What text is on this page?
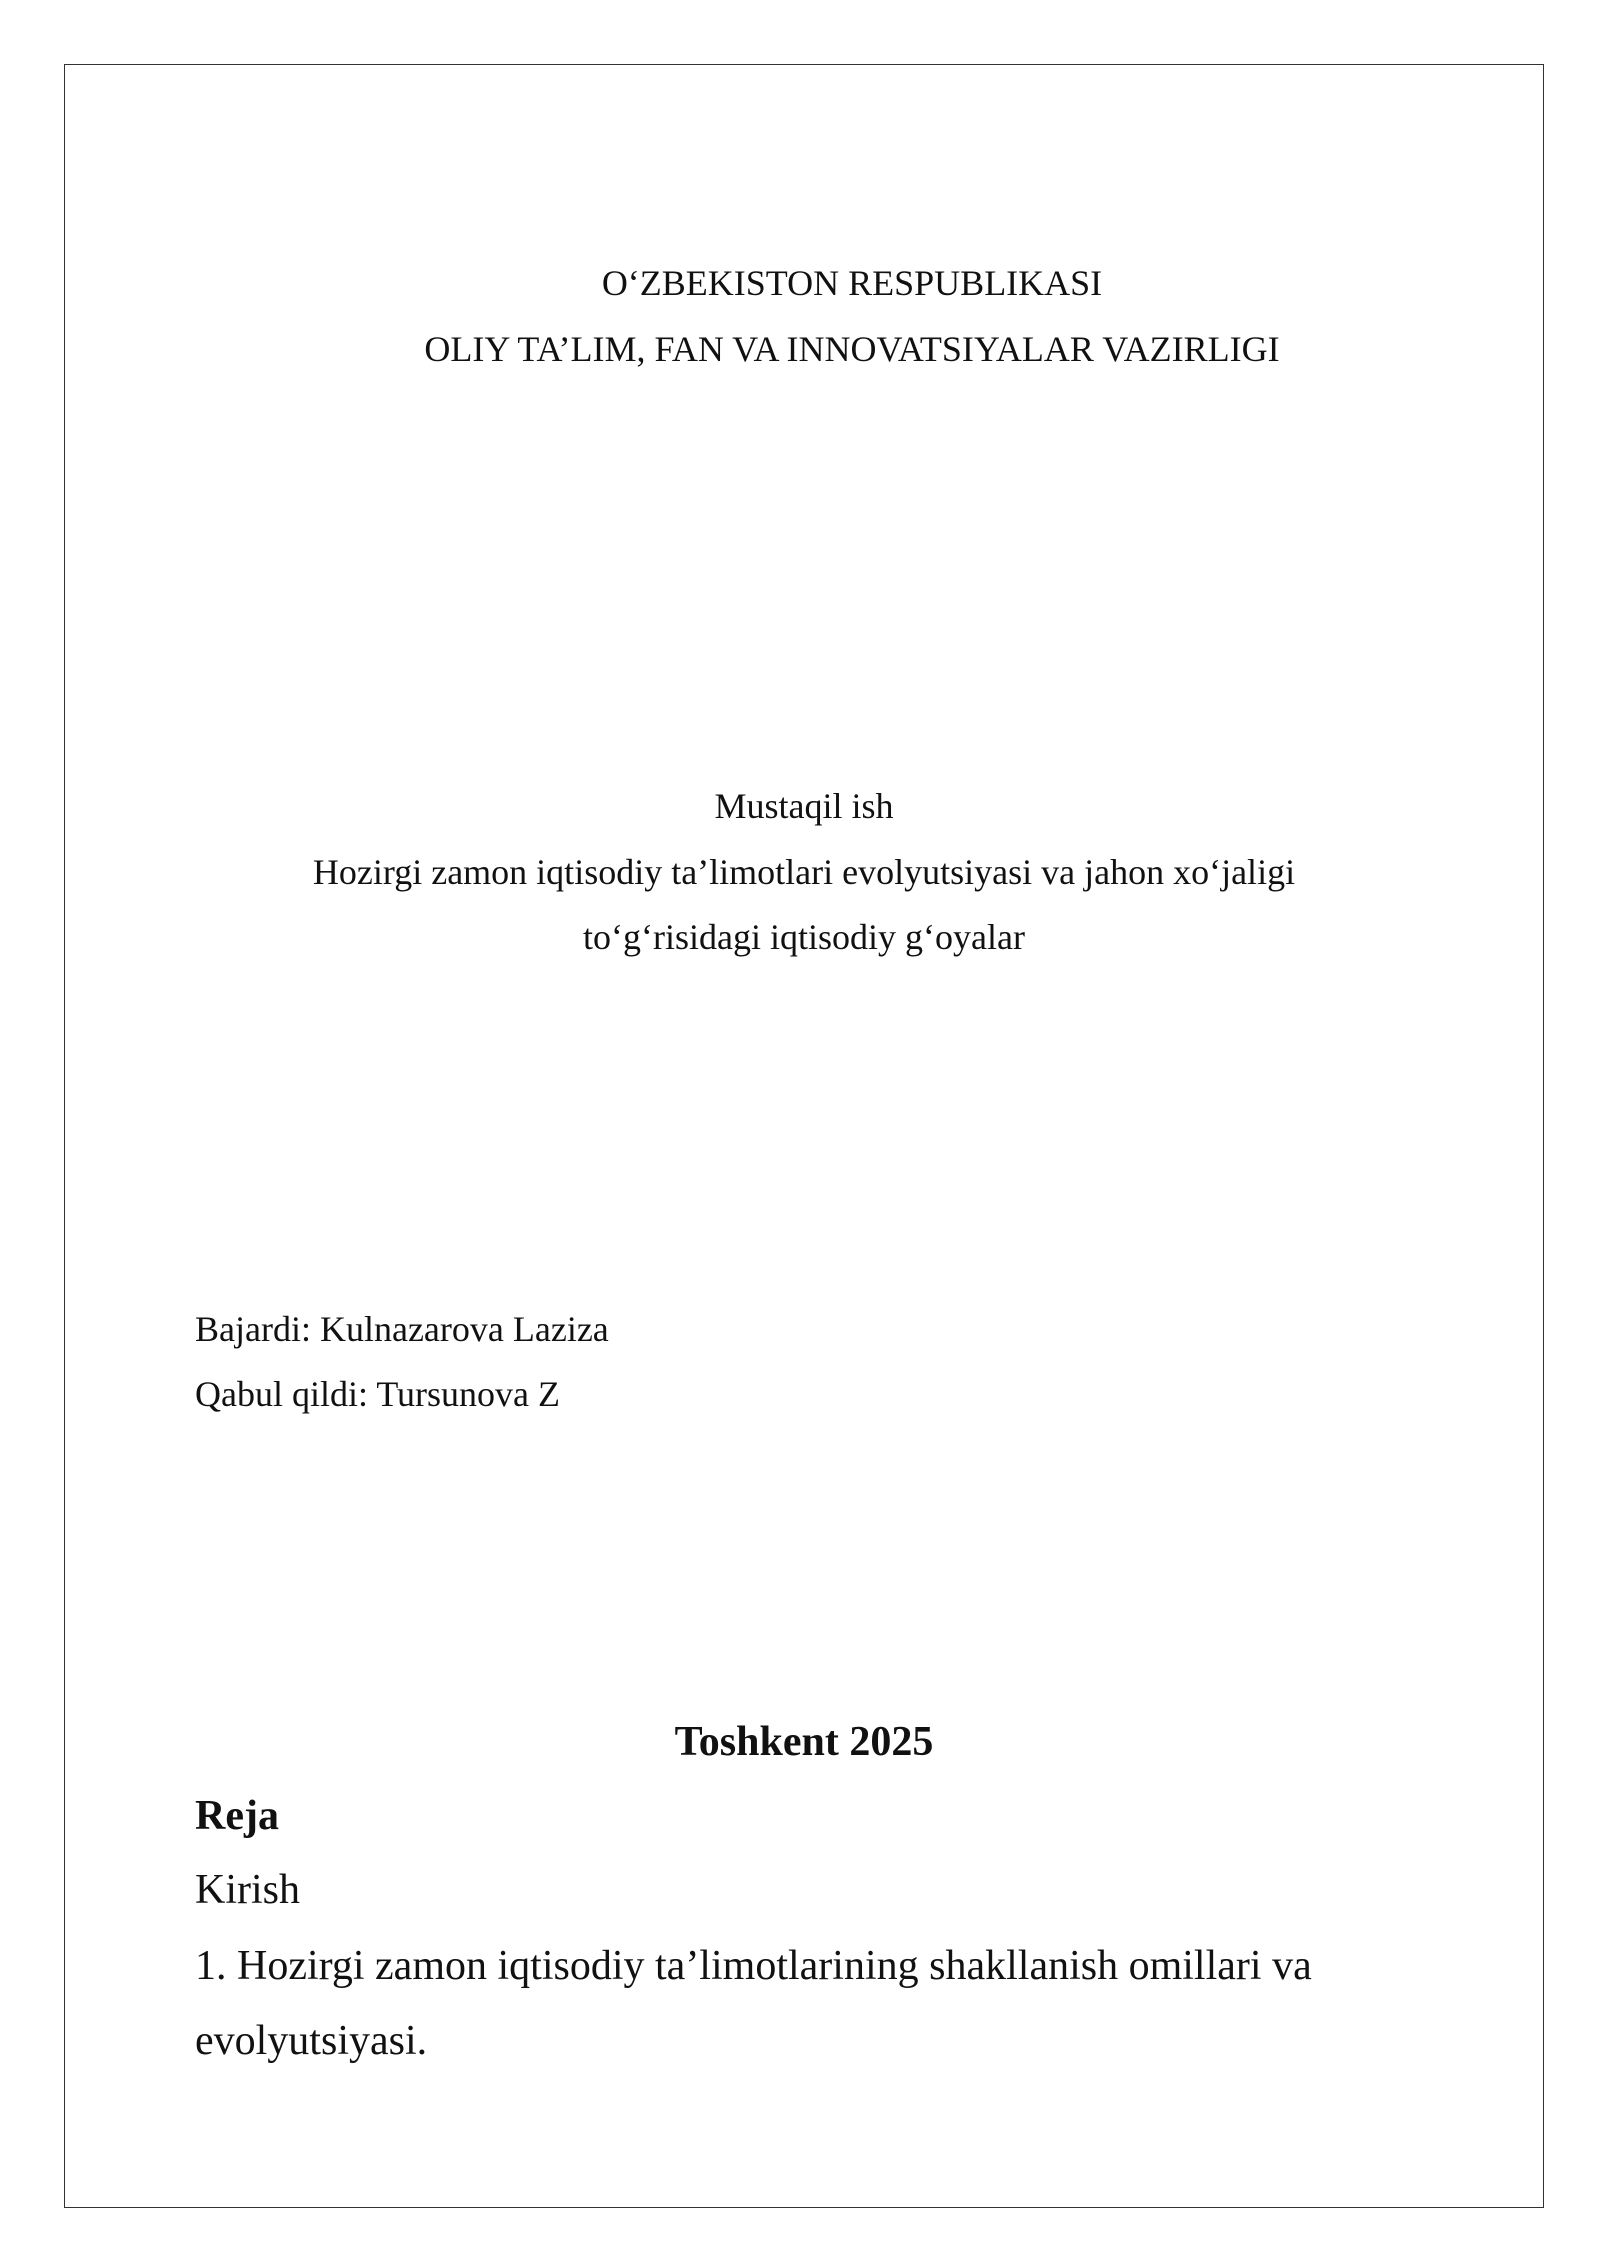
O‘ZBEKISTON RESPUBLIKASI
OLIY TA’LIM, FAN VA INNOVATSIYALAR VAZIRLIGI
Mustaqil ish
Hozirgi zamon iqtisodiy ta’limotlari evolyutsiyasi va jahon xo‘jaligi
to‘g‘risidagi iqtisodiy g‘oyalar
Bajardi: Kulnazarova Laziza
Qabul qildi: Tursunova Z
Toshkent 2025
Reja
Kirish
1. Hozirgi zamon iqtisodiy ta’limotlarining shakllanish omillari va
evolyutsiyasi.
